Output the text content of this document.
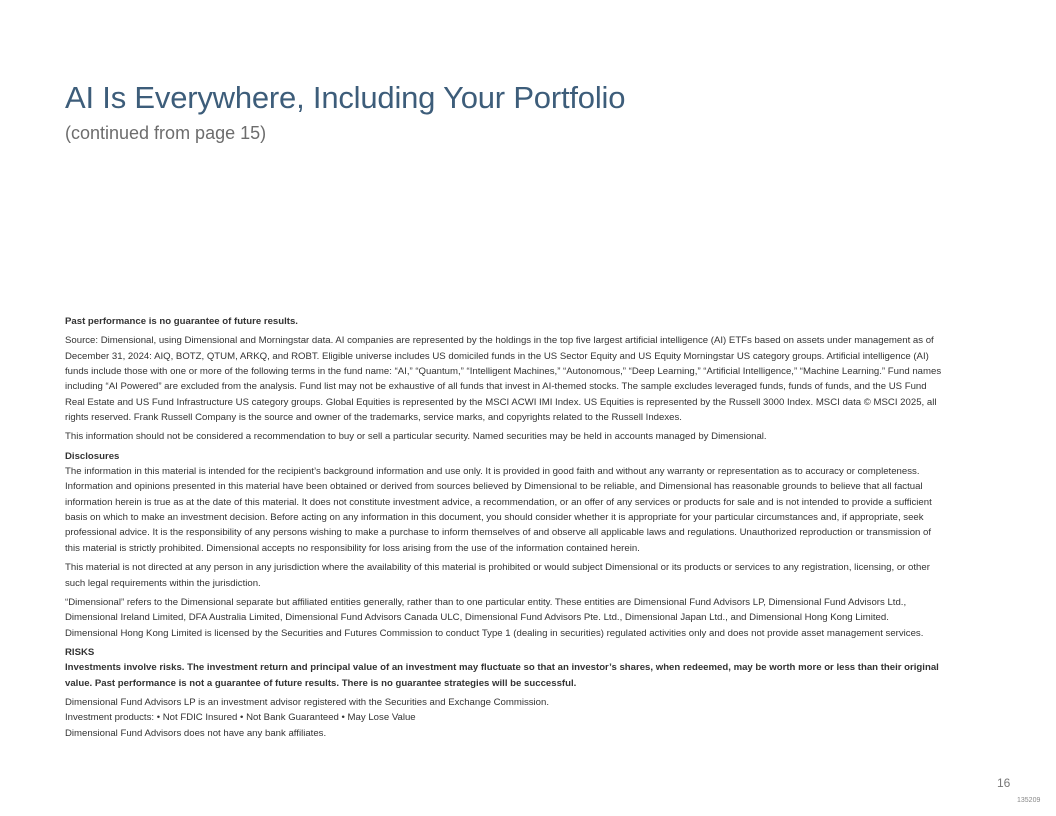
AI Is Everywhere, Including Your Portfolio
(continued from page 15)

Past performance is no guarantee of future results.

Source: Dimensional, using Dimensional and Morningstar data. AI companies are represented by the holdings in the top five largest artificial intelligence (AI) ETFs based on assets under management as of December 31, 2024: AIQ, BOTZ, QTUM, ARKQ, and ROBT. Eligible universe includes US domiciled funds in the US Sector Equity and US Equity Morningstar US category groups. Artificial intelligence (AI) funds include those with one or more of the following terms in the fund name: “AI,” “Quantum,” “Intelligent Machines,” “Autonomous,” “Deep Learning,” “Artificial Intelligence,” “Machine Learning.” Fund names including “AI Powered” are excluded from the analysis. Fund list may not be exhaustive of all funds that invest in AI-themed stocks. The sample excludes leveraged funds, funds of funds, and the US Fund Real Estate and US Fund Infrastructure US category groups. Global Equities is represented by the MSCI ACWI IMI Index. US Equities is represented by the Russell 3000 Index. MSCI data © MSCI 2025, all rights reserved. Frank Russell Company is the source and owner of the trademarks, service marks, and copyrights related to the Russell Indexes.

This information should not be considered a recommendation to buy or sell a particular security. Named securities may be held in accounts managed by Dimensional.

Disclosures

The information in this material is intended for the recipient’s background information and use only. It is provided in good faith and without any warranty or representation as to accuracy or completeness. Information and opinions presented in this material have been obtained or derived from sources believed by Dimensional to be reliable, and Dimensional has reasonable grounds to believe that all factual information herein is true as at the date of this material. It does not constitute investment advice, a recommendation, or an offer of any services or products for sale and is not intended to provide a sufficient basis on which to make an investment decision. Before acting on any information in this document, you should consider whether it is appropriate for your particular circumstances and, if appropriate, seek professional advice. It is the responsibility of any persons wishing to make a purchase to inform themselves of and observe all applicable laws and regulations. Unauthorized reproduction or transmission of this material is strictly prohibited. Dimensional accepts no responsibility for loss arising from the use of the information contained herein.

This material is not directed at any person in any jurisdiction where the availability of this material is prohibited or would subject Dimensional or its products or services to any registration, licensing, or other such legal requirements within the jurisdiction.

“Dimensional” refers to the Dimensional separate but affiliated entities generally, rather than to one particular entity. These entities are Dimensional Fund Advisors LP, Dimensional Fund Advisors Ltd., Dimensional Ireland Limited, DFA Australia Limited, Dimensional Fund Advisors Canada ULC, Dimensional Fund Advisors Pte. Ltd., Dimensional Japan Ltd., and Dimensional Hong Kong Limited. Dimensional Hong Kong Limited is licensed by the Securities and Futures Commission to conduct Type 1 (dealing in securities) regulated activities only and does not provide asset management services.

RISKS

Investments involve risks. The investment return and principal value of an investment may fluctuate so that an investor’s shares, when redeemed, may be worth more or less than their original value. Past performance is not a guarantee of future results. There is no guarantee strategies will be successful.

Dimensional Fund Advisors LP is an investment advisor registered with the Securities and Exchange Commission.
Investment products: • Not FDIC Insured • Not Bank Guaranteed • May Lose Value
Dimensional Fund Advisors does not have any bank affiliates.
16
135209
